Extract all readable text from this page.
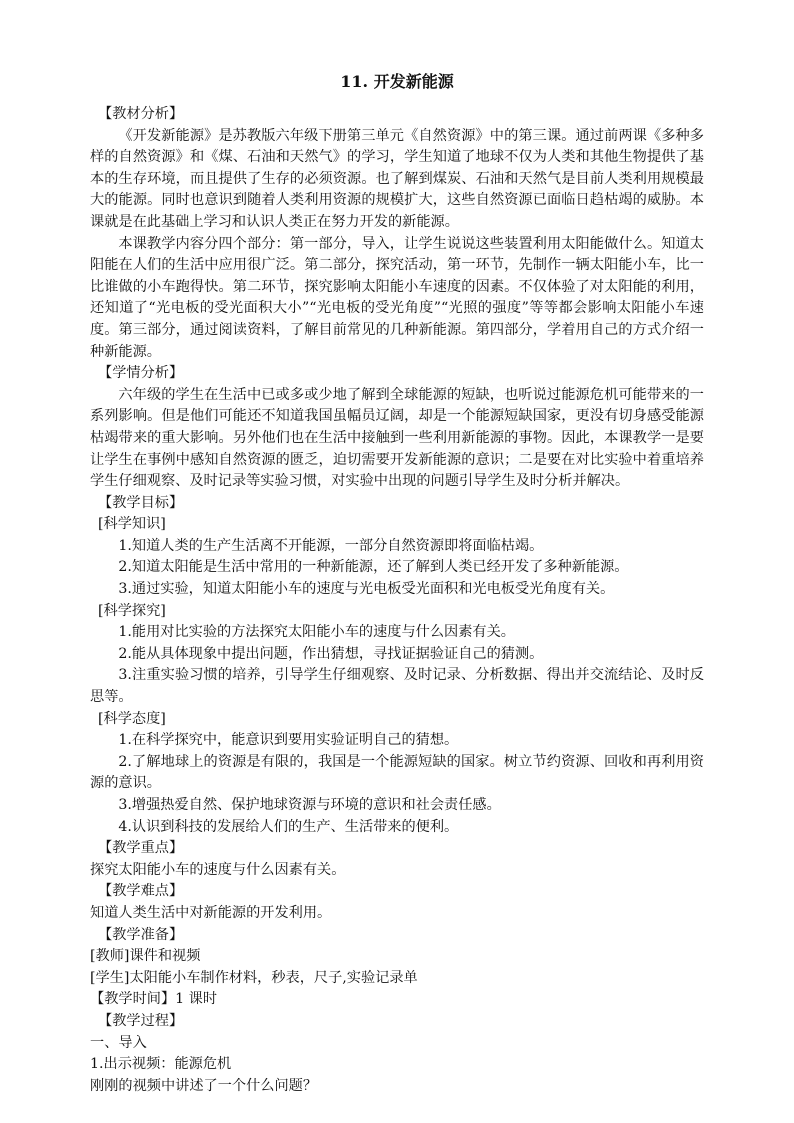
11. 开发新能源

【教材分析】

《开发新能源》是苏教版六年级下册第三单元《自然资源》中的第三课。通过前两课《多种多样的自然资源》和《煤、石油和天然气》的学习，学生知道了地球不仅为人类和其他生物提供了基本的生存环境，而且提供了生存的必须资源。也了解到煤炭、石油和天然气是目前人类利用规模最大的能源。同时也意识到随着人类利用资源的规模扩大，这些自然资源已面临日趋枯竭的威胁。本课就是在此基础上学习和认识人类正在努力开发的新能源。

本课教学内容分四个部分：第一部分，导入，让学生说说这些装置利用太阳能做什么。知道太阳能在人们的生活中应用很广泛。第二部分，探究活动，第一环节，先制作一辆太阳能小车，比一比谁做的小车跑得快。第二环节，探究影响太阳能小车速度的因素。不仅体验了对太阳能的利用，还知道了“光电板的受光面积大小”“光电板的受光角度”“光照的强度”等等都会影响太阳能小车速度。第三部分，通过阅读资料，了解目前常见的几种新能源。第四部分，学着用自己的方式介绍一种新能源。

【学情分析】

六年级的学生在生活中已或多或少地了解到全球能源的短缺，也听说过能源危机可能带来的一系列影响。但是他们可能还不知道我国虽幅员辽阔，却是一个能源短缺国家，更没有切身感受能源枯竭带来的重大影响。另外他们也在生活中接触到一些利用新能源的事物。因此，本课教学一是要让学生在事例中感知自然资源的匮乏，迫切需要开发新能源的意识；二是要在对比实验中着重培养学生仔细观察、及时记录等实验习惯，对实验中出现的问题引导学生及时分析并解决。

【教学目标】

[科学知识]

1.知道人类的生产生活离不开能源，一部分自然资源即将面临枯竭。

2.知道太阳能是生活中常用的一种新能源，还了解到人类已经开发了多种新能源。

3.通过实验，知道太阳能小车的速度与光电板受光面积和光电板受光角度有关。

[科学探究]

1.能用对比实验的方法探究太阳能小车的速度与什么因素有关。

2.能从具体现象中提出问题，作出猜想，寻找证据验证自己的猜测。

3.注重实验习惯的培养，引导学生仔细观察、及时记录、分析数据、得出并交流结论、及时反思等。

[科学态度]

1.在科学探究中，能意识到要用实验证明自己的猜想。

2.了解地球上的资源是有限的，我国是一个能源短缺的国家。树立节约资源、回收和再利用资源的意识。

3.增强热爱自然、保护地球资源与环境的意识和社会责任感。

4.认识到科技的发展给人们的生产、生活带来的便利。

【教学重点】

探究太阳能小车的速度与什么因素有关。

【教学难点】

知道人类生活中对新能源的开发利用。

【教学准备】

[教师]课件和视频

[学生]太阳能小车制作材料，秒表，尺子,实验记录单

【教学时间】1 课时

【教学过程】

一、导入

1.出示视频：能源危机

刚刚的视频中讲述了一个什么问题？
